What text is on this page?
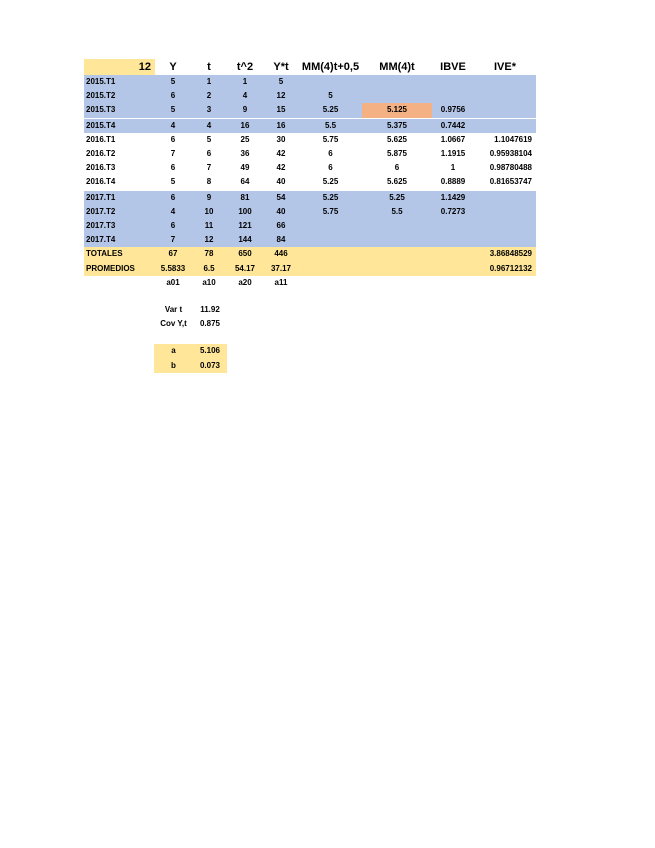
12	Y	t	t^2	Y*t	MM(4)t+0,5	MM(4)t	IBVE	IVE*
2015.T1	5	1	1	5				
2015.T2	6	2	4	12	5			
2015.T3	5	3	9	15	5.25	5.125	0.9756	
2015.T4	4	4	16	16	5.5	5.375	0.7442	
2016.T1	6	5	25	30	5.75	5.625	1.0667	1.1047619
2016.T2	7	6	36	42	6	5.875	1.1915	0.95938104
2016.T3	6	7	49	42	6	6	1	0.98780488
2016.T4	5	8	64	40	5.25	5.625	0.8889	0.81653747
2017.T1	6	9	81	54	5.25	5.25	1.1429	
2017.T2	4	10	100	40	5.75	5.5	0.7273	
2017.T3	6	11	121	66				
2017.T4	7	12	144	84				
TOTALES	67	78	650	446				3.86848529
PROMEDIOS	5.5833	6.5	54.17	37.17				0.96712132
	a01	a10	a20	a11				
Var t	11.92
Cov Y,t	0.875
a	5.106
b	0.073
